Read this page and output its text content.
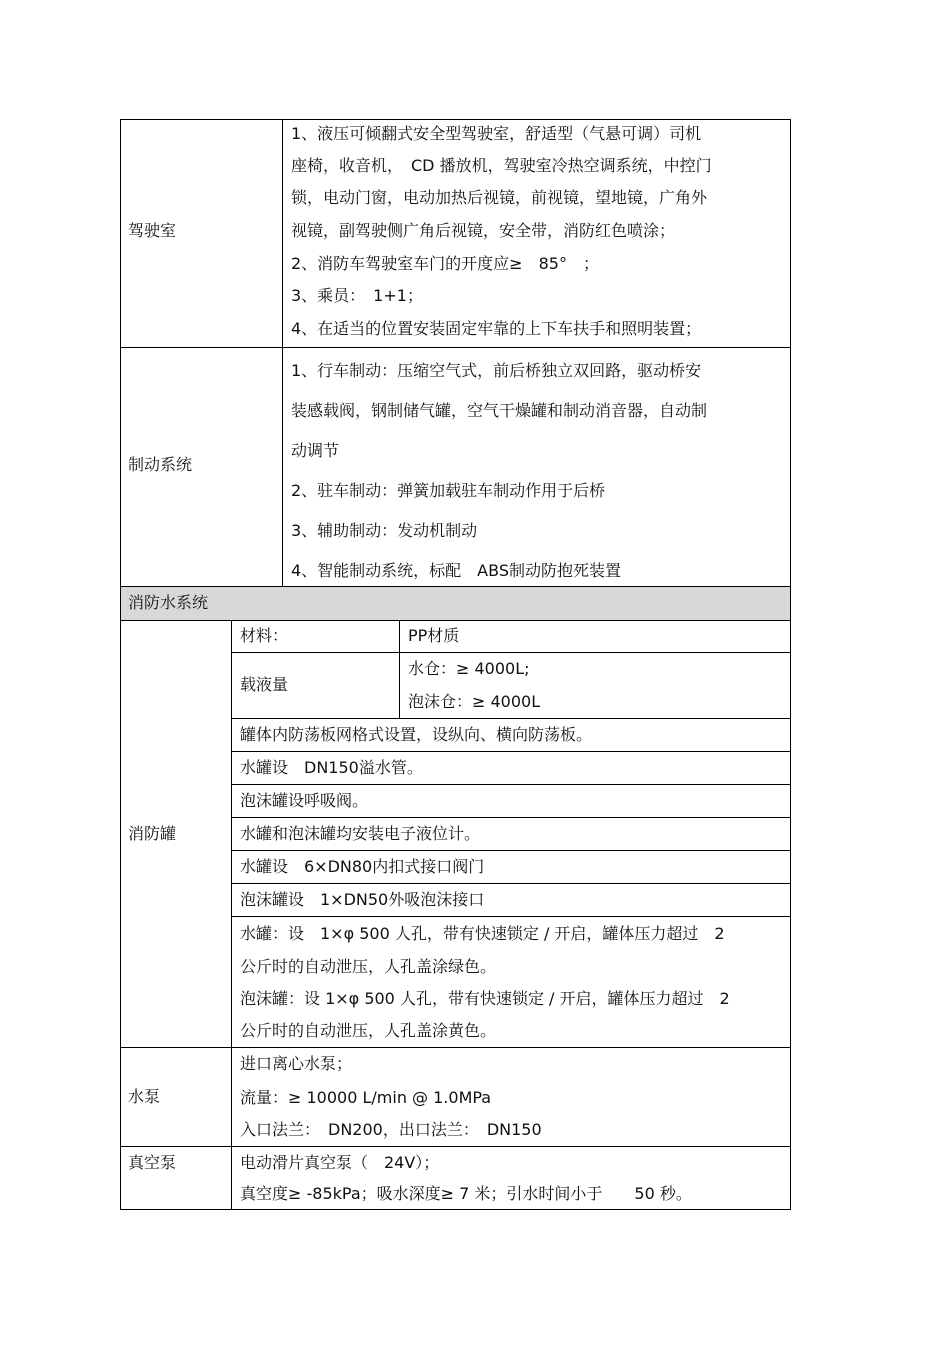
驾驶室
1、液压可倾翻式安全型驾驶室，舒适型（气悬可调）司机
座椅，收音机，　CD 播放机，驾驶室冷热空调系统，中控门
锁，电动门窗，电动加热后视镜，前视镜，望地镜，广角外
视镜，副驾驶侧广角后视镜，安全带，消防红色喷涂；
2、消防车驾驶室车门的开度应≥　85°　；
3、乘员：　1+1；
4、在适当的位置安装固定牢靠的上下车扶手和照明装置；
制动系统
1、行车制动：压缩空气式，前后桥独立双回路，驱动桥安
装感载阀，钢制储气罐，空气干燥罐和制动消音器，自动制
动调节
2、驻车制动：弹簧加载驻车制动作用于后桥
3、辅助制动：发动机制动
4、智能制动系统，标配　ABS制动防抱死装置
消防水系统
消防罐
材料：	PP材质
载液量
水仓：≥ 4000L;
泡沫仓：≥ 4000L
罐体内防荡板网格式设置，设纵向、横向防荡板。
水罐设　DN150溢水管。
泡沫罐设呼吸阀。
水罐和泡沫罐均安装电子液位计。
水罐设　6×DN80内扣式接口阀门
泡沫罐设　1×DN50外吸泡沫接口
水罐：设　1×φ 500 人孔，带有快速锁定 / 开启，罐体压力超过　2
公斤时的自动泄压，人孔盖涂绿色。
泡沫罐：设 1×φ 500 人孔，带有快速锁定 / 开启，罐体压力超过　2
公斤时的自动泄压，人孔盖涂黄色。
水泵
进口离心水泵；
流量：≥ 10000 L/min @ 1.0MPa
入口法兰：　DN200，出口法兰：　DN150
真空泵	电动滑片真空泵（　24V）；
真空度≥ -85kPa；吸水深度≥ 7 米；引水时间小于　　50 秒。
